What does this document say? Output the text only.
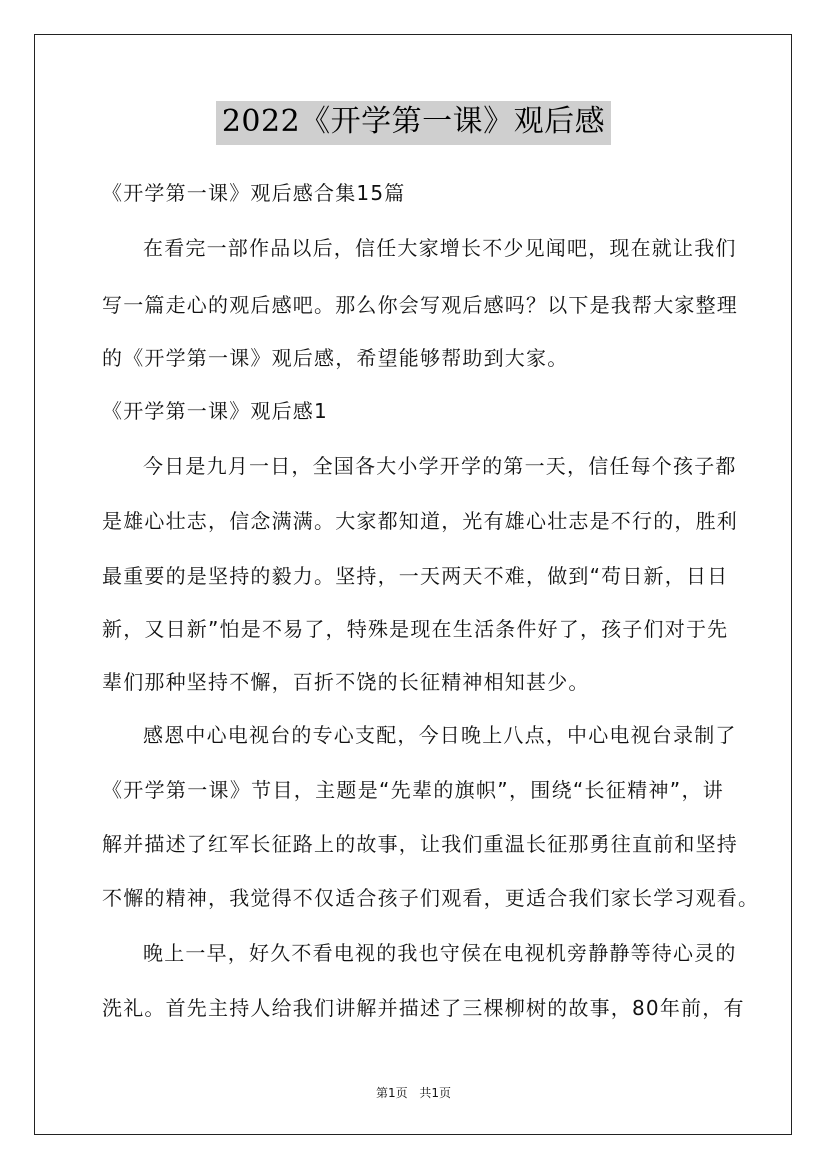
2022《开学第一课》观后感
《开学第一课》观后感合集15篇
在看完一部作品以后，信任大家增长不少见闻吧，现在就让我们
写一篇走心的观后感吧。那么你会写观后感吗？以下是我帮大家整理
的《开学第一课》观后感，希望能够帮助到大家。
《开学第一课》观后感1
今日是九月一日，全国各大小学开学的第一天，信任每个孩子都
是雄心壮志，信念满满。大家都知道，光有雄心壮志是不行的，胜利
最重要的是坚持的毅力。坚持，一天两天不难，做到“苟日新，日日
新，又日新”怕是不易了，特殊是现在生活条件好了，孩子们对于先
辈们那种坚持不懈，百折不饶的长征精神相知甚少。
感恩中心电视台的专心支配，今日晚上八点，中心电视台录制了
《开学第一课》节目，主题是“先辈的旗帜”，围绕“长征精神”，讲
解并描述了红军长征路上的故事，让我们重温长征那勇往直前和坚持
不懈的精神，我觉得不仅适合孩子们观看，更适合我们家长学习观看。
晚上一早，好久不看电视的我也守侯在电视机旁静静等待心灵的
洗礼。首先主持人给我们讲解并描述了三棵柳树的故事，80年前，有
第1页 共1页
